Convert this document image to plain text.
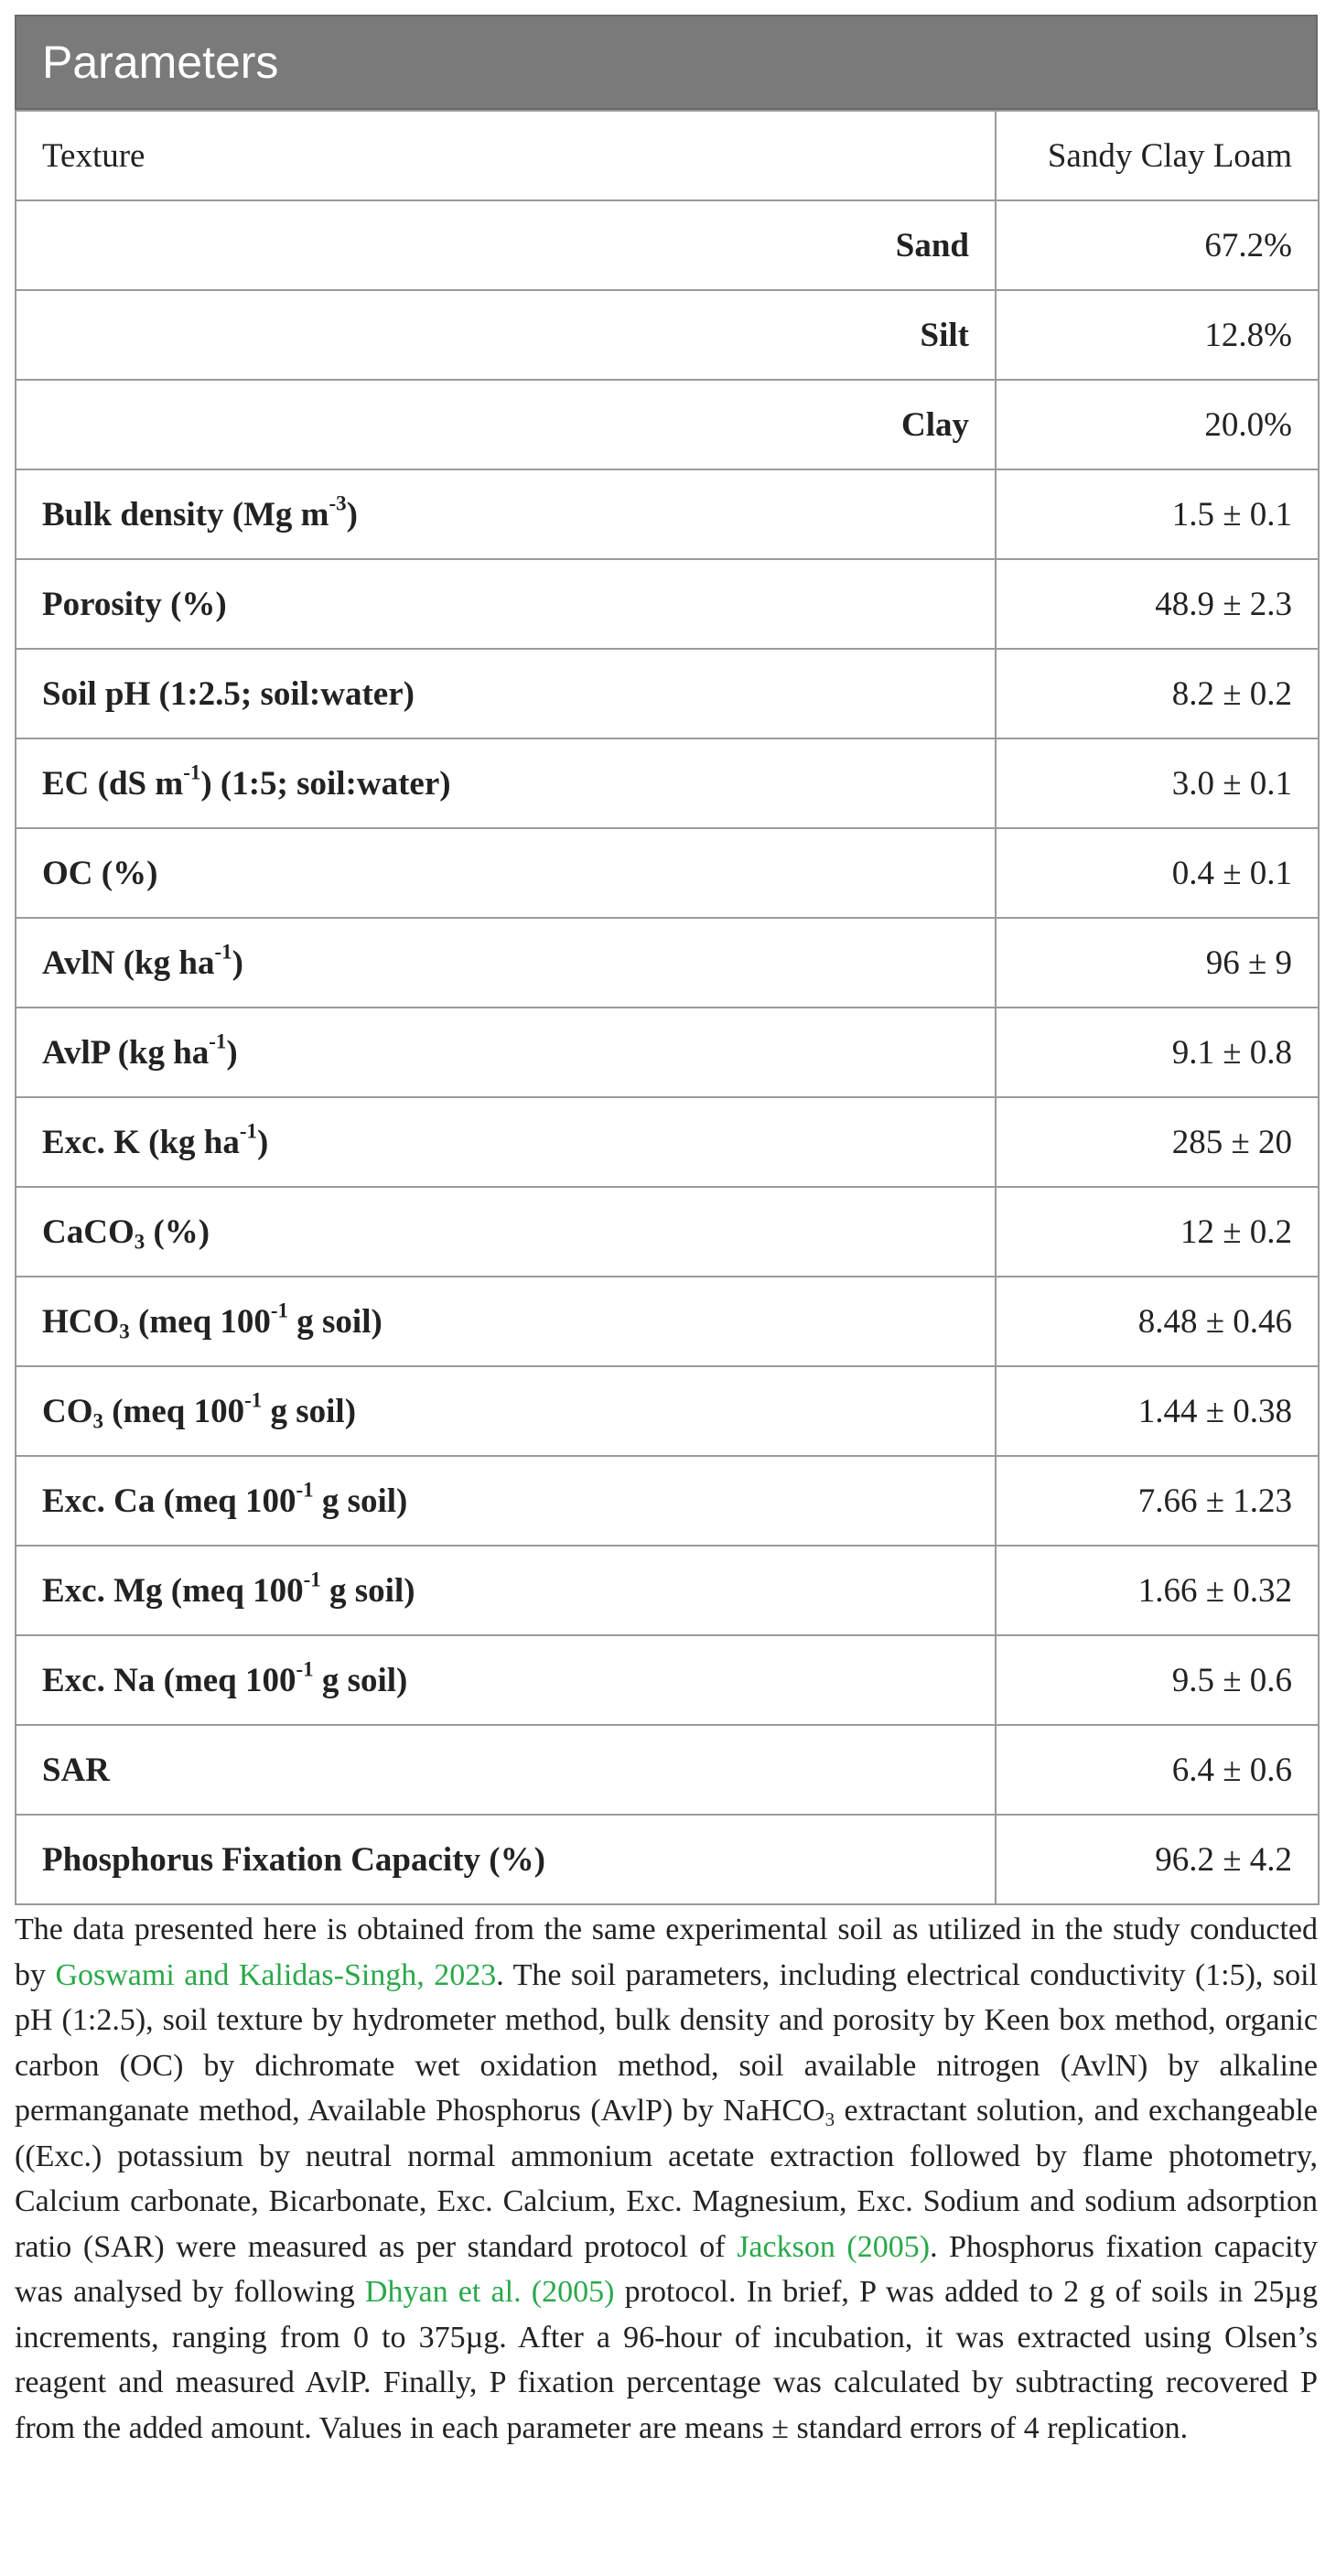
Parameters
Texture	Sandy Clay Loam
Sand	67.2%
Silt	12.8%
Clay	20.0%
Bulk density (Mg $m^{-3}$)	1.5 ± 0.1
Porosity (%)	48.9 ± 2.3
Soil pH (1:2.5; soil:water)	8.2 ± 0.2
EC (dS $m^{-1}$) (1:5; soil:water)	3.0 ± 0.1
OC (%)	0.4 ± 0.1
AvlN (kg $ha^{-1}$)	96 ± 9
AvlP (kg $ha^{-1}$)	9.1 ± 0.8
Exc. K (kg $ha^{-1}$)	285 ± 20
CaCO$_3$ (%)	12 ± 0.2
$HCO_3$ (meq $100^{-1}$ g soil)	8.48 ± 0.46
$CO_3$ (meq $100^{-1}$ g soil)	1.44 ± 0.38
Exc. Ca (meq $100^{-1}$ g soil)	7.66 ± 1.23
Exc. Mg (meq $100^{-1}$ g soil)	1.66 ± 0.32
Exc. Na (meq $100^{-1}$ g soil)	9.5 ± 0.6
SAR	6.4 ± 0.6
Phosphorus Fixation Capacity (%)	96.2 ± 4.2

The data presented here is obtained from the same experimental soil as utilized in the study conducted by Goswami and Kalidas-Singh, 2023. The soil parameters, including electrical conductivity (1:5), soil pH (1:2.5), soil texture by hydrometer method, bulk density and porosity by Keen box method, organic carbon (OC) by dichromate wet oxidation method, soil available nitrogen (AvlN) by alkaline permanganate method, Available Phosphorus (AvlP) by NaHCO$_3$ extractant solution, and exchangeable ((Exc.) potassium by neutral normal ammonium acetate extraction followed by flame photometry, Calcium carbonate, Bicarbonate, Exc. Calcium, Exc. Magnesium, Exc. Sodium and sodium adsorption ratio (SAR) were measured as per standard protocol of Jackson (2005). Phosphorus fixation capacity was analysed by following Dhyan et al. (2005) protocol. In brief, P was added to 2 g of soils in 25µg increments, ranging from 0 to 375µg. After a 96-hour of incubation, it was extracted using Olsen’s reagent and measured AvlP. Finally, P fixation percentage was calculated by subtracting recovered P from the added amount. Values in each parameter are means ± standard errors of 4 replication.
